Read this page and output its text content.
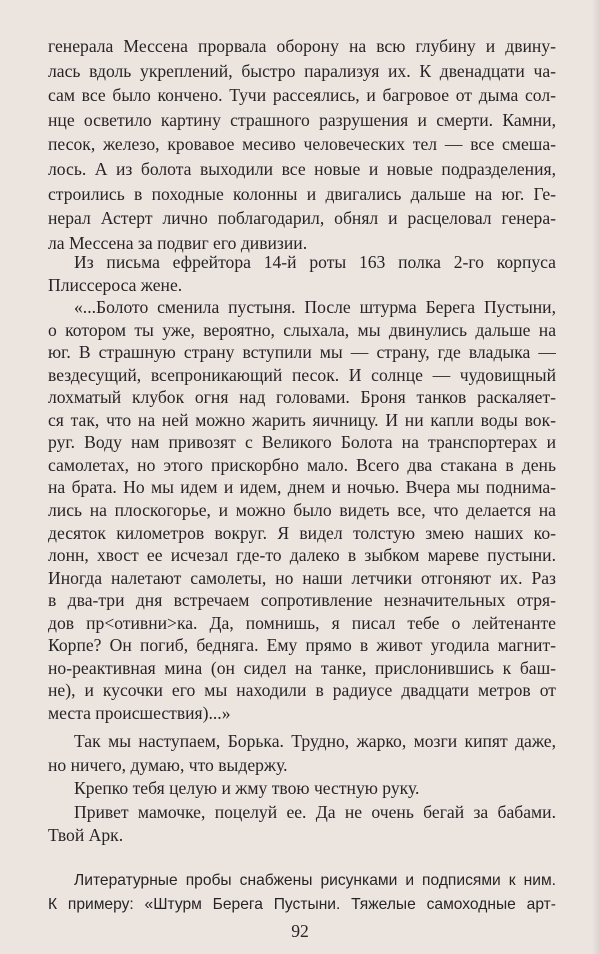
генерала Мессена прорвала оборону на всю глубину и двину-
лась вдоль укреплений, быстро парализуя их. К двенадцати ча-
сам все было кончено. Тучи рассеялись, и багровое от дыма сол-
нце осветило картину страшного разрушения и смерти. Камни,
песок, железо, кровавое месиво человеческих тел — все смеша-
лось. А из болота выходили все новые и новые подразделения,
строились в походные колонны и двигались дальше на юг. Ге-
нерал Астерт лично поблагодарил, обнял и расцеловал генера-
ла Мессена за подвиг его дивизии.
Из письма ефрейтора 14-й роты 163 полка 2-го корпуса
Плиссероса жене.
«...Болото сменила пустыня. После штурма Берега Пустыни,
о котором ты уже, вероятно, слыхала, мы двинулись дальше на
юг. В страшную страну вступили мы — страну, где владыка —
вездесущий, всепроникающий песок. И солнце — чудовищный
лохматый клубок огня над головами. Броня танков раскаляет-
ся так, что на ней можно жарить яичницу. И ни капли воды вок-
руг. Воду нам привозят с Великого Болота на транспортерах и
самолетах, но этого прискорбно мало. Всего два стакана в день
на брата. Но мы идем и идем, днем и ночью. Вчера мы поднима-
лись на плоскогорье, и можно было видеть все, что делается на
десяток километров вокруг. Я видел толстую змею наших ко-
лонн, хвост ее исчезал где-то далеко в зыбком мареве пустыни.
Иногда налетают самолеты, но наши летчики отгоняют их. Раз
в два-три дня встречаем сопротивление незначительных отря-
дов пр<отивни>ка. Да, помнишь, я писал тебе о лейтенанте
Корпе? Он погиб, бедняга. Ему прямо в живот угодила магнит-
но-реактивная мина (он сидел на танке, прислонившись к баш-
не), и кусочки его мы находили в радиусе двадцати метров от
места происшествия)...»
Так мы наступаем, Борька. Трудно, жарко, мозги кипят даже,
но ничего, думаю, что выдержу.
Крепко тебя целую и жму твою честную руку.
Привет мамочке, поцелуй ее. Да не очень бегай за бабами.
Твой Арк.
Литературные пробы снабжены рисунками и подписями к ним.
К примеру: «Штурм Берега Пустыни. Тяжелые самоходные арт-
92
